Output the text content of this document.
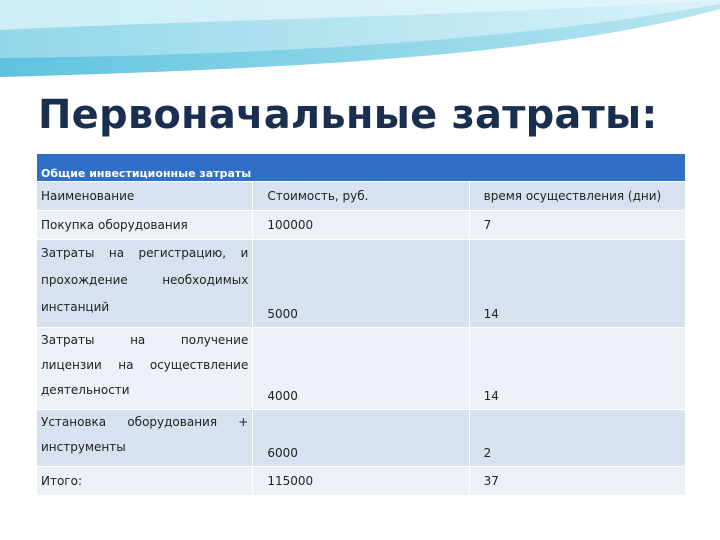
Первоначальные затраты:
Общие инвестиционные затраты		
Наименование	Стоимость, руб.	время осуществления (дни)
Покупка оборудования	100000	7
Затраты на регистрацию, и прохождение необходимых инстанций	5000	14
Затраты на получение лицензии на осуществление деятельности	4000	14
Установка оборудования + инструменты	6000	2
Итого:	115000	37
